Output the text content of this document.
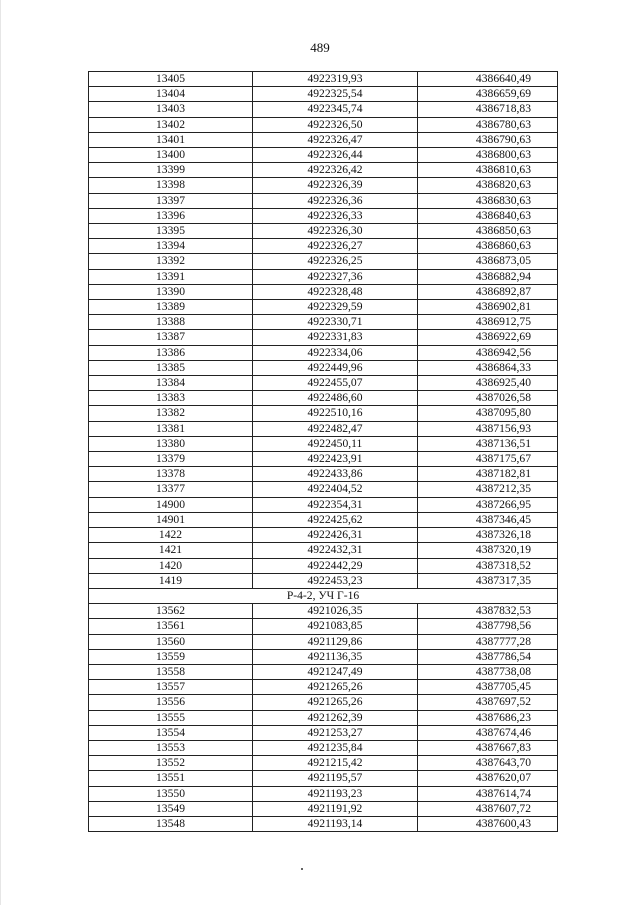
489
13405	4922319,93	4386640,49
13404	4922325,54	4386659,69
13403	4922345,74	4386718,83
13402	4922326,50	4386780,63
13401	4922326,47	4386790,63
13400	4922326,44	4386800,63
13399	4922326,42	4386810,63
13398	4922326,39	4386820,63
13397	4922326,36	4386830,63
13396	4922326,33	4386840,63
13395	4922326,30	4386850,63
13394	4922326,27	4386860,63
13392	4922326,25	4386873,05
13391	4922327,36	4386882,94
13390	4922328,48	4386892,87
13389	4922329,59	4386902,81
13388	4922330,71	4386912,75
13387	4922331,83	4386922,69
13386	4922334,06	4386942,56
13385	4922449,96	4386864,33
13384	4922455,07	4386925,40
13383	4922486,60	4387026,58
13382	4922510,16	4387095,80
13381	4922482,47	4387156,93
13380	4922450,11	4387136,51
13379	4922423,91	4387175,67
13378	4922433,86	4387182,81
13377	4922404,52	4387212,35
14900	4922354,31	4387266,95
14901	4922425,62	4387346,45
1422	4922426,31	4387326,18
1421	4922432,31	4387320,19
1420	4922442,29	4387318,52
1419	4922453,23	4387317,35
Р-4-2, УЧ Г-16		
13562	4921026,35	4387832,53
13561	4921083,85	4387798,56
13560	4921129,86	4387777,28
13559	4921136,35	4387786,54
13558	4921247,49	4387738,08
13557	4921265,26	4387705,45
13556	4921265,26	4387697,52
13555	4921262,39	4387686,23
13554	4921253,27	4387674,46
13553	4921235,84	4387667,83
13552	4921215,42	4387643,70
13551	4921195,57	4387620,07
13550	4921193,23	4387614,74
13549	4921191,92	4387607,72
13548	4921193,14	4387600,43
